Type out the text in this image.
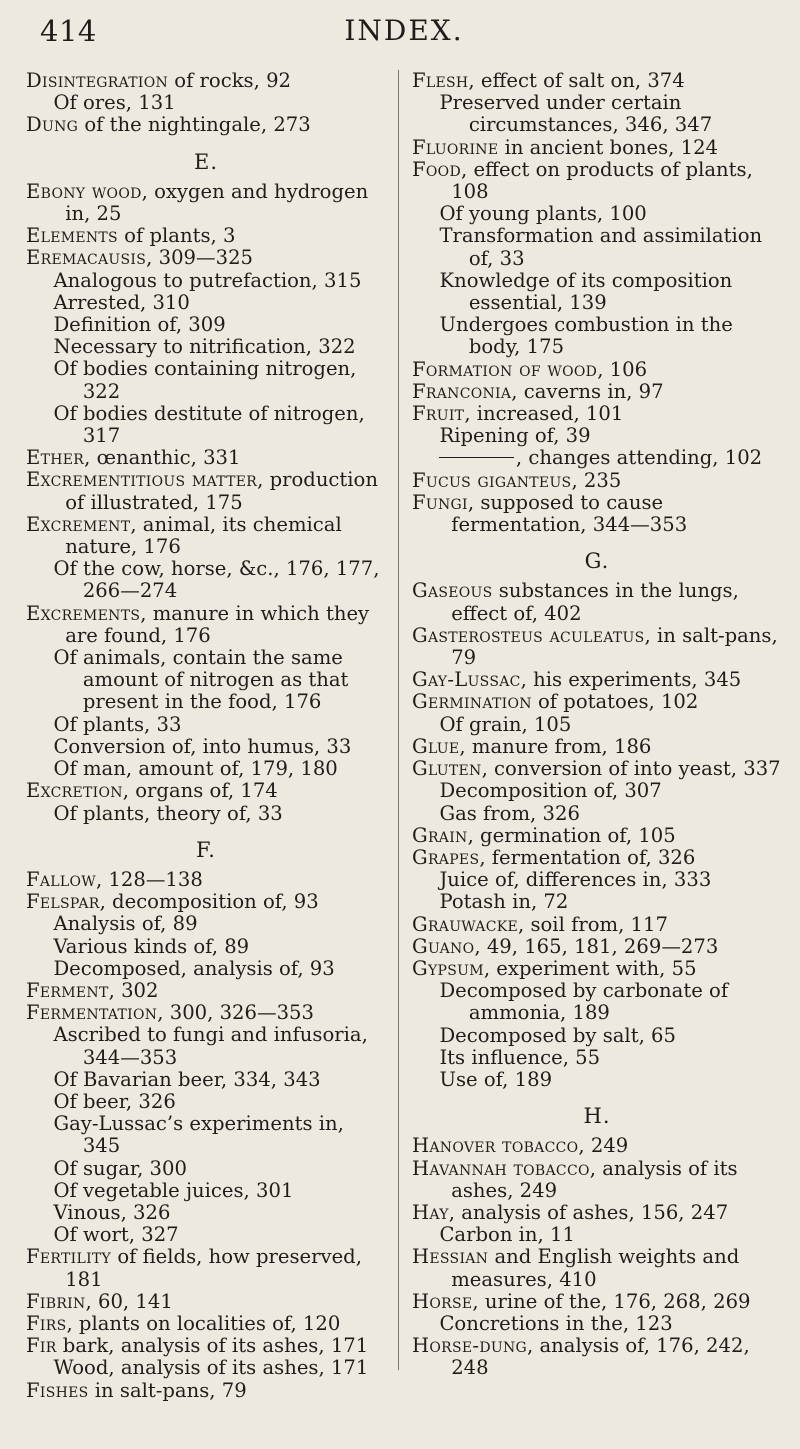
414	INDEX.
Disintegration of rocks, 92
Of ores, 131
Dung of the nightingale, 273
E.
Ebony wood, oxygen and hydrogen in, 25
Elements of plants, 3
Eremacausis, 309—325
Analogous to putrefaction, 315
Arrested, 310
Definition of, 309
Necessary to nitrification, 322
Of bodies containing nitrogen, 322
Of bodies destitute of nitrogen, 317
Ether, œnanthic, 331
Excrementitious matter, production of illustrated, 175
Excrement, animal, its chemical nature, 176
Of the cow, horse, &c., 176, 177, 266—274
Excrements, manure in which they are found, 176
Of animals, contain the same amount of nitrogen as that present in the food, 176
Of plants, 33
Conversion of, into humus, 33
Of man, amount of, 179, 180
Excretion, organs of, 174
Of plants, theory of, 33
F.
Fallow, 128—138
Felspar, decomposition of, 93
Analysis of, 89
Various kinds of, 89
Decomposed, analysis of, 93
Ferment, 302
Fermentation, 300, 326—353
Ascribed to fungi and infusoria, 344—353
Of Bavarian beer, 334, 343
Of beer, 326
Gay-Lussac’s experiments in, 345
Of sugar, 300
Of vegetable juices, 301
Vinous, 326
Of wort, 327
Fertility of fields, how preserved, 181
Fibrin, 60, 141
Firs, plants on localities of, 120
Fir bark, analysis of its ashes, 171
Wood, analysis of its ashes, 171
Fishes in salt-pans, 79
Flesh, effect of salt on, 374
Preserved under certain circumstances, 346, 347
Fluorine in ancient bones, 124
Food, effect on products of plants, 108
Of young plants, 100
Transformation and assimilation of, 33
Knowledge of its composition essential, 139
Undergoes combustion in the body, 175
Formation of wood, 106
Franconia, caverns in, 97
Fruit, increased, 101
Ripening of, 39
, changes attending, 102
Fucus giganteus, 235
Fungi, supposed to cause fermentation, 344—353
G.
Gaseous substances in the lungs, effect of, 402
Gasterosteus aculeatus, in salt-pans, 79
Gay-Lussac, his experiments, 345
Germination of potatoes, 102
Of grain, 105
Glue, manure from, 186
Gluten, conversion of into yeast, 337
Decomposition of, 307
Gas from, 326
Grain, germination of, 105
Grapes, fermentation of, 326
Juice of, differences in, 333
Potash in, 72
Grauwacke, soil from, 117
Guano, 49, 165, 181, 269—273
Gypsum, experiment with, 55
Decomposed by carbonate of ammonia, 189
Decomposed by salt, 65
Its influence, 55
Use of, 189
H.
Hanover tobacco, 249
Havannah tobacco, analysis of its ashes, 249
Hay, analysis of ashes, 156, 247
Carbon in, 11
Hessian and English weights and measures, 410
Horse, urine of the, 176, 268, 269
Concretions in the, 123
Horse-dung, analysis of, 176, 242, 248
